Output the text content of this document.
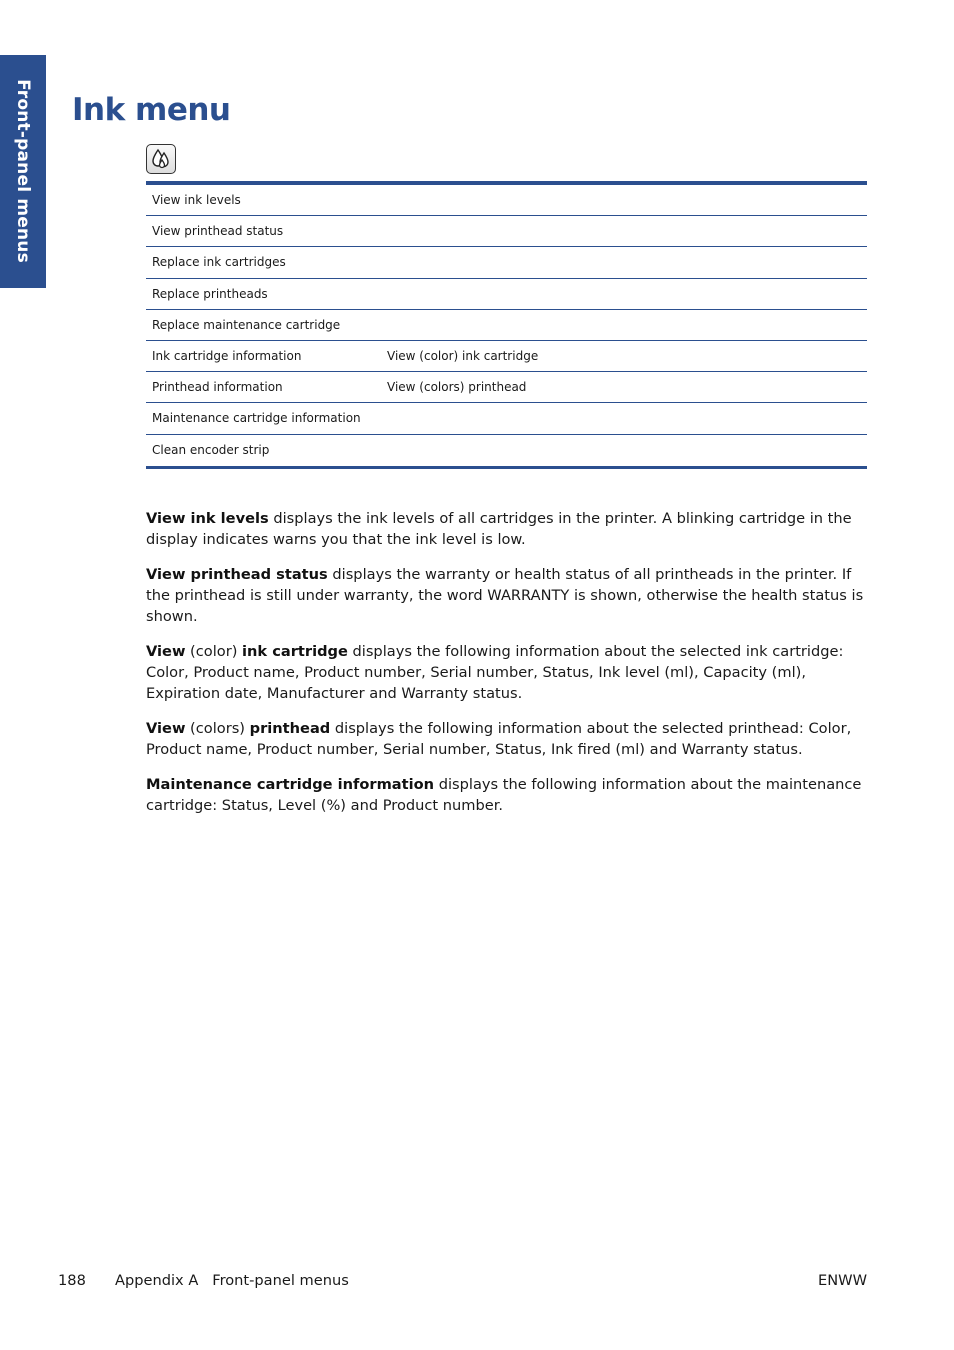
Front-panel menus Ink menu
View ink levels
View printhead status
Replace ink cartridges
Replace printheads
Replace maintenance cartridge
Ink cartridge information	View (color) ink cartridge
Printhead information	View (colors) printhead
Maintenance cartridge information
Clean encoder strip

View ink levels displays the ink levels of all cartridges in the printer. A blinking cartridge in the display indicates warns you that the ink level is low.

View printhead status displays the warranty or health status of all printheads in the printer. If the printhead is still under warranty, the word WARRANTY is shown, otherwise the health status is shown.

View (color) ink cartridge displays the following information about the selected ink cartridge: Color, Product name, Product number, Serial number, Status, Ink level (ml), Capacity (ml), Expiration date, Manufacturer and Warranty status.

View (colors) printhead displays the following information about the selected printhead: Color, Product name, Product number, Serial number, Status, Ink fired (ml) and Warranty status.

Maintenance cartridge information displays the following information about the maintenance cartridge: Status, Level (%) and Product number.

188 Appendix A   Front-panel menus	ENWW
